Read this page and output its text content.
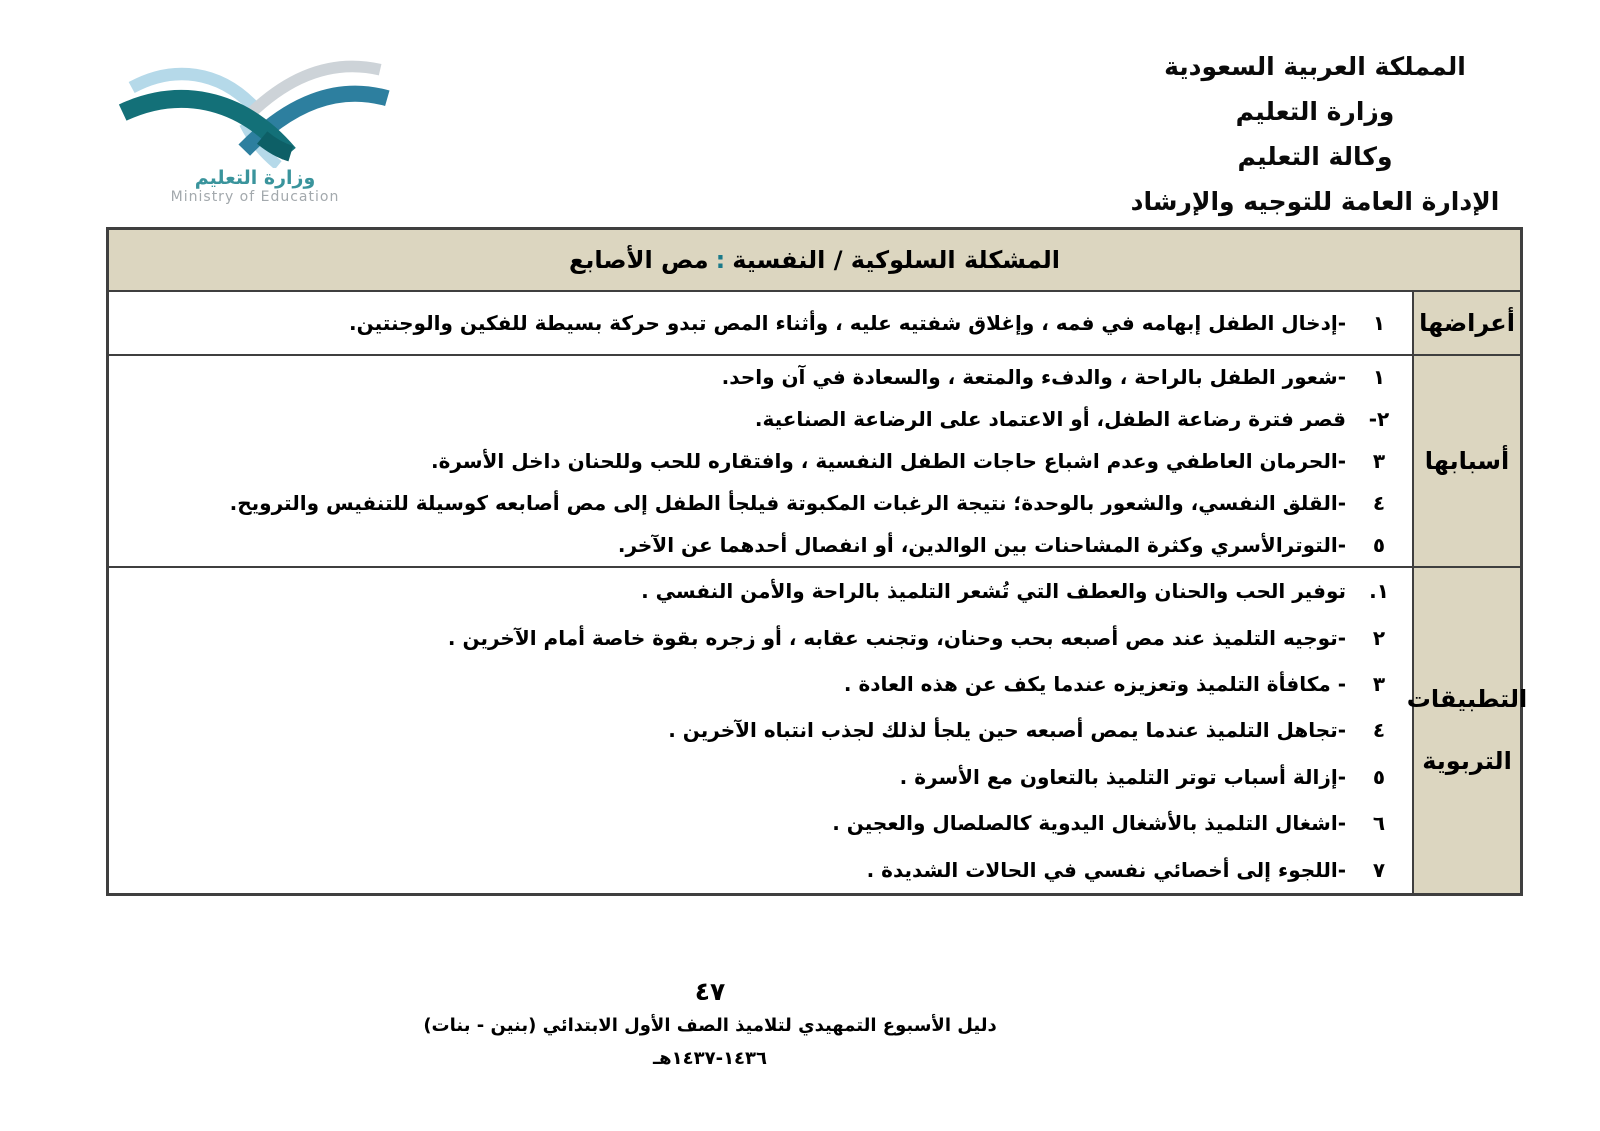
وزارة التعليم
Ministry of Education
المملكة العربية السعودية
وزارة التعليم
وكالة التعليم
الإدارة العامة للتوجيه والإرشاد
المشكلة السلوكية / النفسية
:
مص الأصابع
أعراضها
١
-إدخال الطفل إبهامه في فمه ، وإغلاق شفتيه عليه ، وأثناء المص تبدو حركة بسيطة للفكين والوجنتين.
أسبابها
١
-شعور الطفل بالراحة ، والدفء والمتعة ، والسعادة في آن واحد.
٢-
قصر فترة رضاعة الطفل، أو الاعتماد على الرضاعة الصناعية.
٣
-الحرمان العاطفي وعدم اشباع حاجات الطفل النفسية ، وافتقاره للحب وللحنان داخل الأسرة.
٤
-القلق النفسي، والشعور بالوحدة؛ نتيجة الرغبات المكبوتة فيلجأ الطفل إلى مص أصابعه كوسيلة للتنفيس والترويح.
٥
-التوترالأسري وكثرة المشاحنات بين الوالدين، أو انفصال أحدهما عن الآخر.
التطبيقات التربوية
١.
توفير الحب والحنان والعطف التي تُشعر التلميذ بالراحة والأمن النفسي .
٢
-توجيه التلميذ عند مص أصبعه بحب وحنان، وتجنب عقابه ، أو زجره بقوة خاصة أمام الآخرين .
٣
- مكافأة التلميذ وتعزيزه عندما يكف عن هذه العادة .
٤
-تجاهل التلميذ عندما يمص أصبعه حين يلجأ لذلك لجذب انتباه الآخرين .
٥
-إزالة أسباب توتر التلميذ بالتعاون مع الأسرة .
٦
-اشغال التلميذ بالأشغال اليدوية كالصلصال والعجين .
٧
-اللجوء إلى أخصائي نفسي في الحالات الشديدة .
٤٧
دليل الأسبوع التمهيدي لتلاميذ الصف الأول الابتدائي (بنين - بنات)
١٤٣٦-١٤٣٧هـ
